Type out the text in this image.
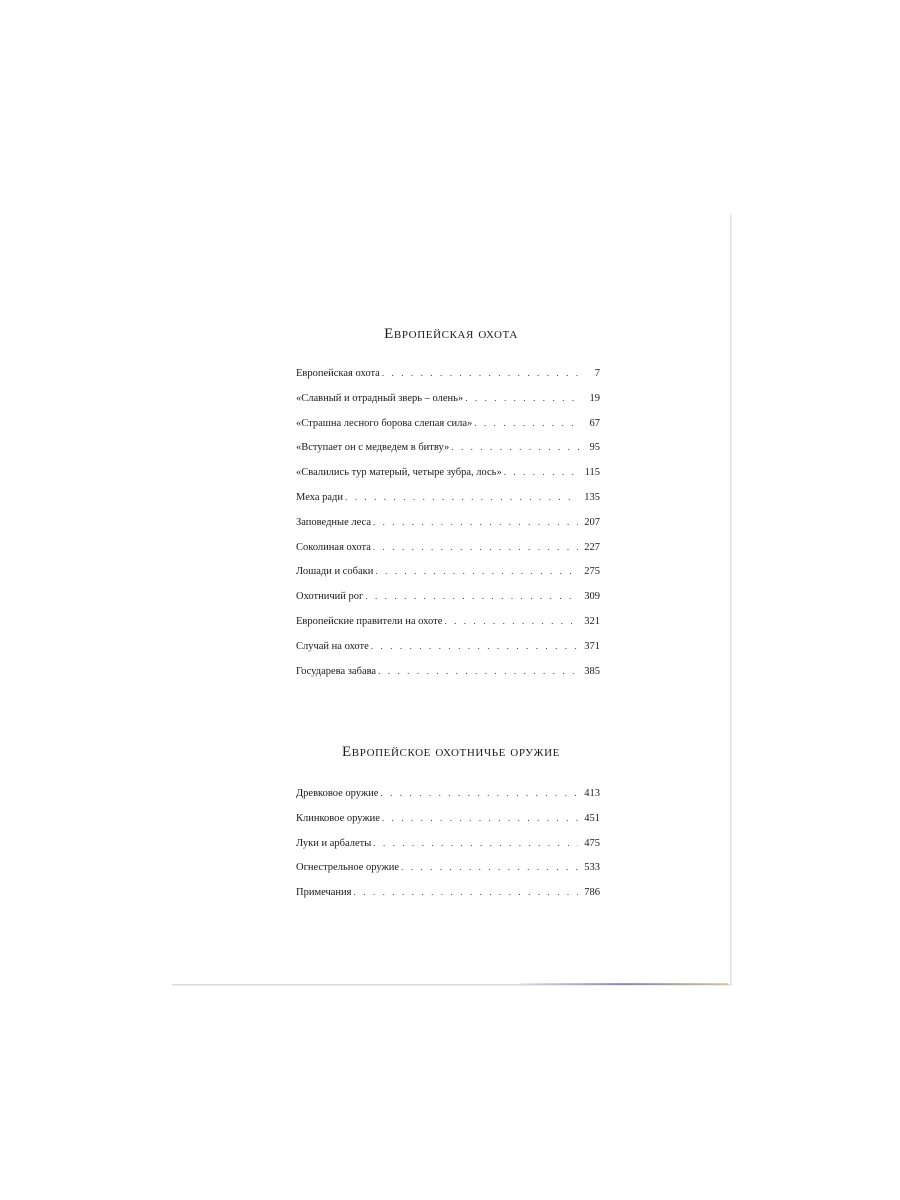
Европейская охота
Европейская охота . . .	7
«Славный и отрадный зверь – олень» . . .	19
«Страшна лесного борова слепая сила» . . .	67
«Вступает он с медведем в битву» . . .	95
«Свалились тур матерый, четыре зубра, лось» . . .	115
Меха ради . . .	135
Заповедные леса . . .	207
Соколиная охота . . .	227
Лошади и собаки . . .	275
Охотничий рог . . .	309
Европейские правители на охоте . . .	321
Случай на охоте . . .	371
Государева забава . . .	385
Европейское охотничье оружие
Древковое оружие . . .	413
Клинковое оружие . . .	451
Луки и арбалеты . . .	475
Огнестрельное оружие . . .	533
Примечания . . .	786
